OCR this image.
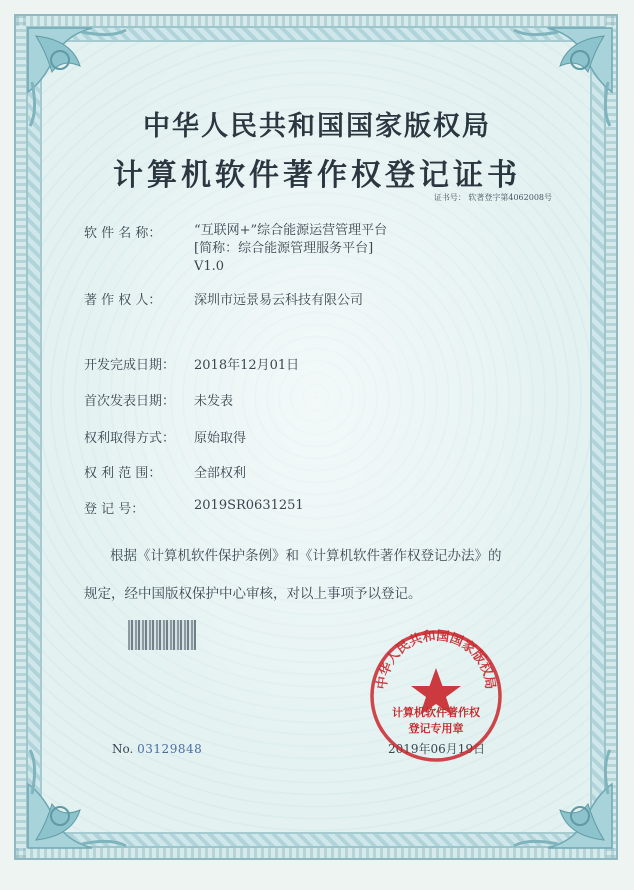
中华人民共和国国家版权局
计算机软件著作权登记证书
证书号： 软著登字第4062008号
软 件 名 称：	“互联网+”综合能源运营管理平台
[简称：综合能源管理服务平台]
V1.0
著 作 权 人：	深圳市远景易云科技有限公司
开发完成日期：	2018年12月01日
首次发表日期：	未发表
权利取得方式：	原始取得
权 利 范 围：	全部权利
登 记 号：	2019SR0631251
根据《计算机软件保护条例》和《计算机软件著作权登记办法》的
规定，经中国版权保护中心审核，对以上事项予以登记。
No. 03129848	2019年06月19日
中华人民共和国国家版权局
计算机软件著作权
登记专用章
